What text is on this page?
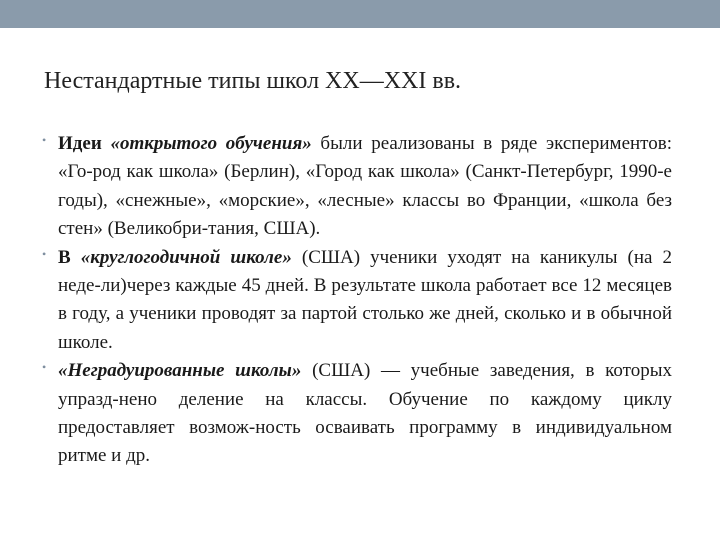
Нестандартные типы школ XX—XXI вв.
• Идеи «открытого обучения» были реализованы в ряде экспериментов: «Го-род как школа» (Берлин), «Город как школа» (Санкт-Петербург, 1990-е годы), «снежные», «морские», «лесные» классы во Франции, «школа без стен» (Великобри-тания, США).
• В «круглогодичной школе» (США) ученики уходят на каникулы (на 2 неде-ли)через каждые 45 дней. В результате школа работает все 12 месяцев в году, а ученики проводят за партой столько же дней, сколько и в обычной школе.
• «Неградуированные школы» (США) — учебные заведения, в которых упразд-нено деление на классы. Обучение по каждому циклу предоставляет возмож-ность осваивать программу в индивидуальном ритме и др.
